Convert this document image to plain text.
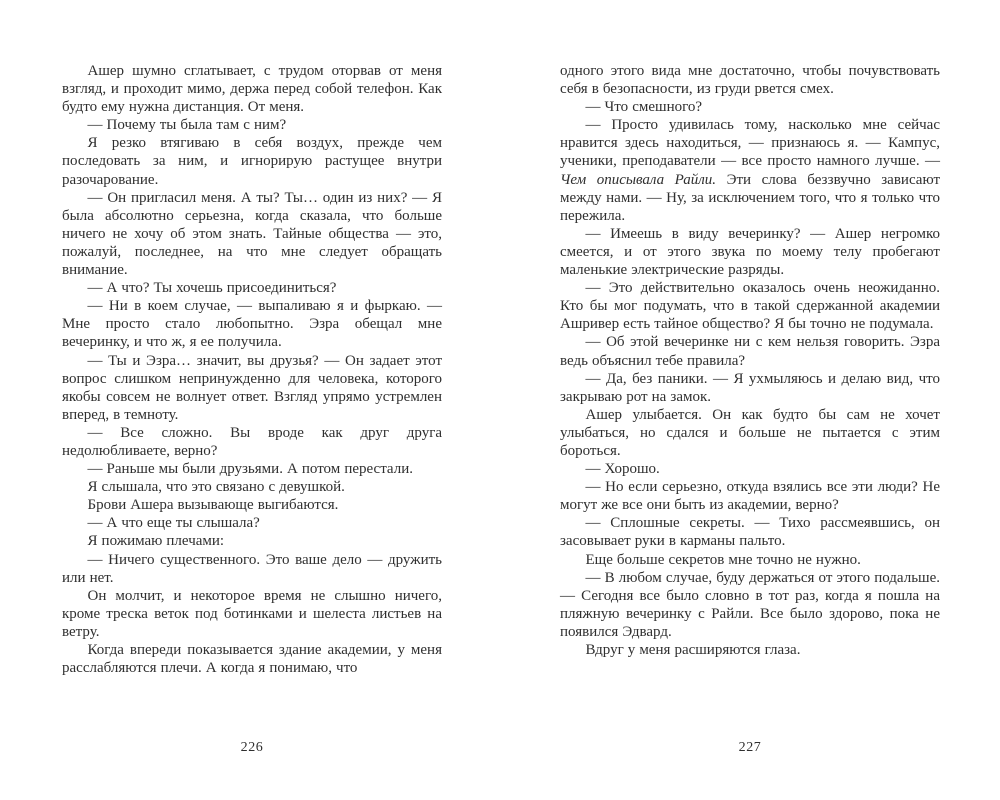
Ашер шумно сглатывает, с трудом оторвав от меня взгляд, и проходит мимо, держа перед собой телефон. Как будто ему нужна дистанция. От меня.

— Почему ты была там с ним?

Я резко втягиваю в себя воздух, прежде чем последовать за ним, и игнорирую растущее внутри разочарование.

— Он пригласил меня. А ты? Ты… один из них? — Я была абсолютно серьезна, когда сказала, что больше ничего не хочу об этом знать. Тайные общества — это, пожалуй, последнее, на что мне следует обращать внимание.

— А что? Ты хочешь присоединиться?

— Ни в коем случае, — выпаливаю я и фыркаю. — Мне просто стало любопытно. Эзра обещал мне вечеринку, и что ж, я ее получила.

— Ты и Эзра… значит, вы друзья? — Он задает этот вопрос слишком непринужденно для человека, которого якобы совсем не волнует ответ. Взгляд упрямо устремлен вперед, в темноту.

— Все сложно. Вы вроде как друг друга недолюбливаете, верно?

— Раньше мы были друзьями. А потом перестали.

Я слышала, что это связано с девушкой.

Брови Ашера вызывающе выгибаются.

— А что еще ты слышала?

Я пожимаю плечами:

— Ничего существенного. Это ваше дело — дружить или нет.

Он молчит, и некоторое время не слышно ничего, кроме треска веток под ботинками и шелеста листьев на ветру.

Когда впереди показывается здание академии, у меня расслабляются плечи. А когда я понимаю, что

226

одного этого вида мне достаточно, чтобы почувствовать себя в безопасности, из груди рвется смех.

— Что смешного?

— Просто удивилась тому, насколько мне сейчас нравится здесь находиться, — признаюсь я. — Кампус, ученики, преподаватели — все просто намного лучше. — Чем описывала Райли. Эти слова беззвучно зависают между нами. — Ну, за исключением того, что я только что пережила.

— Имеешь в виду вечеринку? — Ашер негромко смеется, и от этого звука по моему телу пробегают маленькие электрические разряды.

— Это действительно оказалось очень неожиданно. Кто бы мог подумать, что в такой сдержанной академии Ашривер есть тайное общество? Я бы точно не подумала.

— Об этой вечеринке ни с кем нельзя говорить. Эзра ведь объяснил тебе правила?

— Да, без паники. — Я ухмыляюсь и делаю вид, что закрываю рот на замок.

Ашер улыбается. Он как будто бы сам не хочет улыбаться, но сдался и больше не пытается с этим бороться.

— Хорошо.

— Но если серьезно, откуда взялись все эти люди? Не могут же все они быть из академии, верно?

— Сплошные секреты. — Тихо рассмеявшись, он засовывает руки в карманы пальто.

Еще больше секретов мне точно не нужно.

— В любом случае, буду держаться от этого подальше. — Сегодня все было словно в тот раз, когда я пошла на пляжную вечеринку с Райли. Все было здорово, пока не появился Эдвард.

Вдруг у меня расширяются глаза.

227
